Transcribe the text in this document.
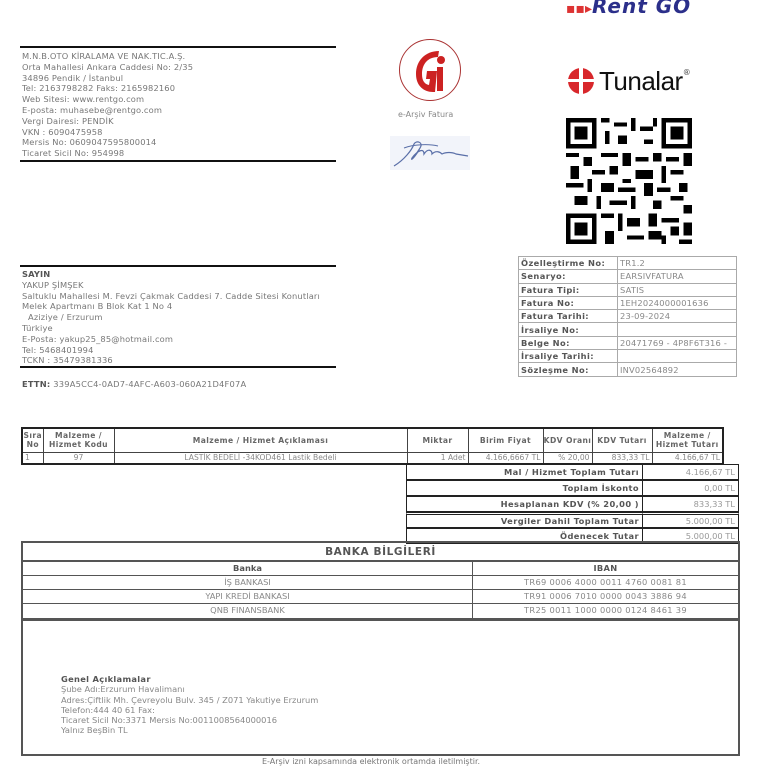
▪▪▸Rent GO
Tunalar ®
M.N.B.OTO KİRALAMA VE NAK.TIC.A.Ş.
Orta Mahallesi Ankara Caddesi No: 2/35
34896 Pendik / İstanbul
Tel: 2163798282 Faks: 2165982160
Web Sitesi: www.rentgo.com
E-posta: muhasebe@rentgo.com
Vergi Dairesi: PENDİK
VKN : 6090475958
Mersis No: 0609047595800014
Ticaret Sicil No: 954998
e-Arşiv Fatura
SAYIN
YAKUP ŞİMŞEK
Saltuklu Mahallesi M. Fevzi Çakmak Caddesi 7. Cadde Sitesi Konutları
Melek Apartmanı B Blok Kat 1 No 4
Aziziye / Erzurum
Türkiye
E-Posta: yakup25_85@hotmail.com
Tel: 5468401994
TCKN : 35479381336
ETTN: 339A5CC4-0AD7-4AFC-A603-060A21D4F07A
Özelleştirme No:	TR1.2
Senaryo:	EARSIVFATURA
Fatura Tipi:	SATIS
Fatura No:	1EH2024000001636
Fatura Tarihi:	23-09-2024
İrsaliye No:	
Belge No:	20471769 - 4P8F6T316 -
İrsaliye Tarihi:	
Sözleşme No:	INV02564892
Sıra
No	Malzeme /
Hizmet Kodu	Malzeme / Hizmet Açıklaması	Miktar	Birim Fiyat	KDV Oranı	KDV Tutarı	Malzeme /
Hizmet Tutarı
1	97	LASTİK BEDELİ -34KOD461 Lastik Bedeli	1 Adet	4.166,6667 TL	% 20,00	833,33 TL	4.166,67 TL
Mal / Hizmet Toplam Tutarı	4.166,67 TL
Toplam İskonto	0,00 TL
Hesaplanan KDV (% 20,00 )	833,33 TL
Vergiler Dahil Toplam Tutar	5.000,00 TL
Ödenecek Tutar	5.000,00 TL
BANKA BİLGİLERİ
Banka	IBAN
İŞ BANKASI	TR69 0006 4000 0011 4760 0081 81
YAPI KREDİ BANKASI	TR91 0006 7010 0000 0043 3886 94
QNB FINANSBANK	TR25 0011 1000 0000 0124 8461 39
Genel Açıklamalar
Şube Adı:Erzurum Havalimanı
Adres:Çiftlik Mh. Çevreyolu Bulv. 345 / Z071 Yakutiye Erzurum
Telefon:444 40 61 Fax:
Ticaret Sicil No:3371 Mersis No:0011008564000016
Yalnız BeşBin TL
E-Arşiv izni kapsamında elektronik ortamda iletilmiştir.
